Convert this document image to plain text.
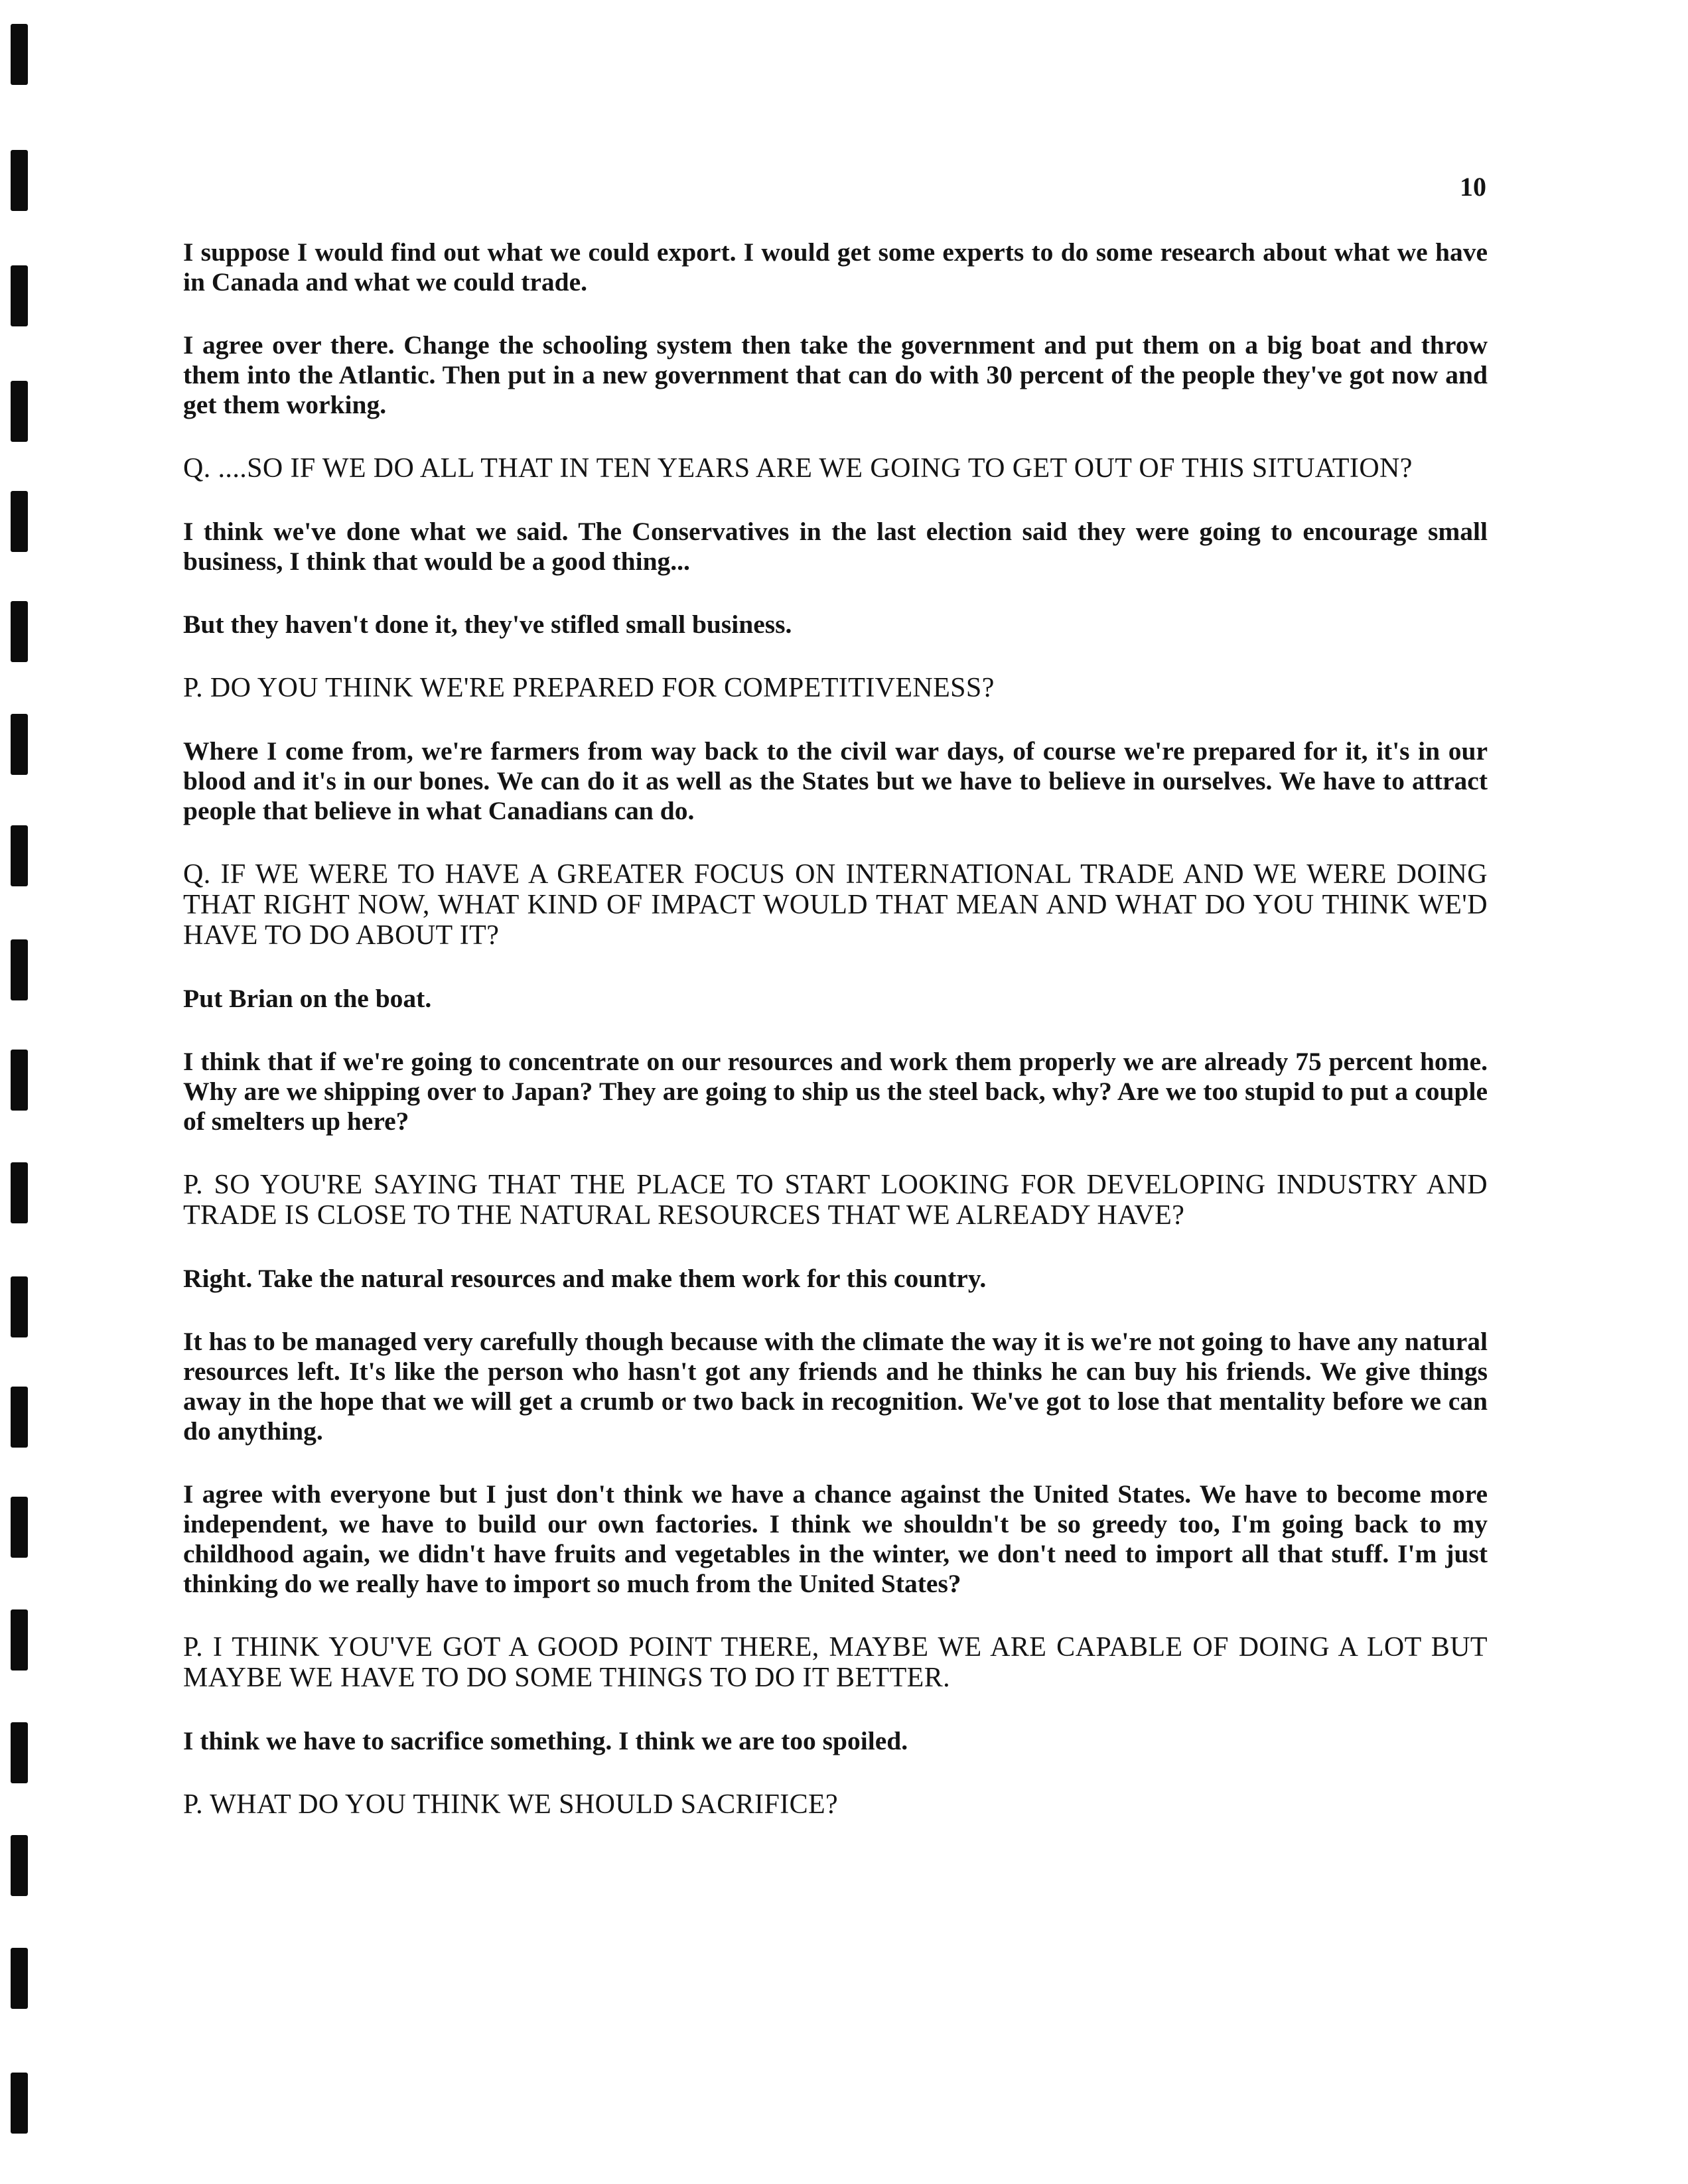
10

I suppose I would find out what we could export. I would get some experts to do some research about what we have in Canada and what we could trade.

I agree over there. Change the schooling system then take the government and put them on a big boat and throw them into the Atlantic. Then put in a new government that can do with 30 percent of the people they've got now and get them working.

Q. ....SO IF WE DO ALL THAT IN TEN YEARS ARE WE GOING TO GET OUT OF THIS SITUATION?

I think we've done what we said. The Conservatives in the last election said they were going to encourage small business, I think that would be a good thing...

But they haven't done it, they've stifled small business.

P. DO YOU THINK WE'RE PREPARED FOR COMPETITIVENESS?

Where I come from, we're farmers from way back to the civil war days, of course we're prepared for it, it's in our blood and it's in our bones. We can do it as well as the States but we have to believe in ourselves. We have to attract people that believe in what Canadians can do.

Q. IF WE WERE TO HAVE A GREATER FOCUS ON INTERNATIONAL TRADE AND WE WERE DOING THAT RIGHT NOW, WHAT KIND OF IMPACT WOULD THAT MEAN AND WHAT DO YOU THINK WE'D HAVE TO DO ABOUT IT?

Put Brian on the boat.

I think that if we're going to concentrate on our resources and work them properly we are already 75 percent home. Why are we shipping over to Japan? They are going to ship us the steel back, why? Are we too stupid to put a couple of smelters up here?

P. SO YOU'RE SAYING THAT THE PLACE TO START LOOKING FOR DEVELOPING INDUSTRY AND TRADE IS CLOSE TO THE NATURAL RESOURCES THAT WE ALREADY HAVE?

Right. Take the natural resources and make them work for this country.

It has to be managed very carefully though because with the climate the way it is we're not going to have any natural resources left. It's like the person who hasn't got any friends and he thinks he can buy his friends. We give things away in the hope that we will get a crumb or two back in recognition. We've got to lose that mentality before we can do anything.

I agree with everyone but I just don't think we have a chance against the United States. We have to become more independent, we have to build our own factories. I think we shouldn't be so greedy too, I'm going back to my childhood again, we didn't have fruits and vegetables in the winter, we don't need to import all that stuff. I'm just thinking do we really have to import so much from the United States?

P. I THINK YOU'VE GOT A GOOD POINT THERE, MAYBE WE ARE CAPABLE OF DOING A LOT BUT MAYBE WE HAVE TO DO SOME THINGS TO DO IT BETTER.

I think we have to sacrifice something. I think we are too spoiled.

P. WHAT DO YOU THINK WE SHOULD SACRIFICE?
